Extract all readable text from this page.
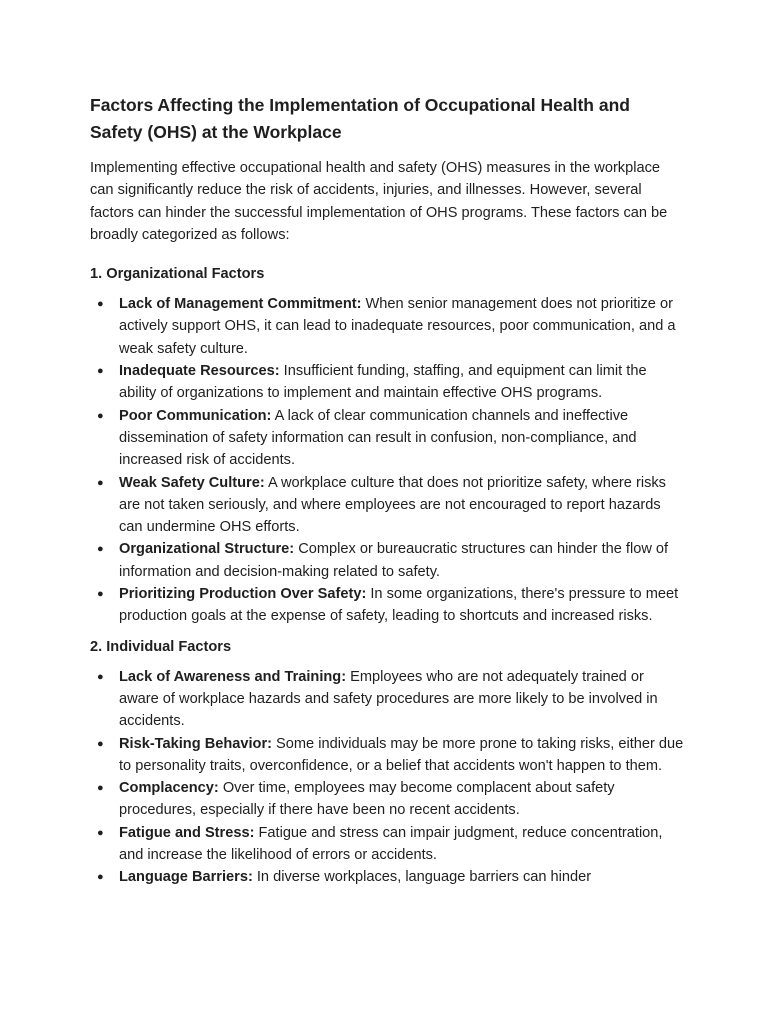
Factors Affecting the Implementation of Occupational Health and Safety (OHS) at the Workplace

Implementing effective occupational health and safety (OHS) measures in the workplace can significantly reduce the risk of accidents, injuries, and illnesses. However, several factors can hinder the successful implementation of OHS programs. These factors can be broadly categorized as follows:

1. Organizational Factors
● Lack of Management Commitment: When senior management does not prioritize or actively support OHS, it can lead to inadequate resources, poor communication, and a weak safety culture.
● Inadequate Resources: Insufficient funding, staffing, and equipment can limit the ability of organizations to implement and maintain effective OHS programs.
● Poor Communication: A lack of clear communication channels and ineffective dissemination of safety information can result in confusion, non-compliance, and increased risk of accidents.
● Weak Safety Culture: A workplace culture that does not prioritize safety, where risks are not taken seriously, and where employees are not encouraged to report hazards can undermine OHS efforts.
● Organizational Structure: Complex or bureaucratic structures can hinder the flow of information and decision-making related to safety.
● Prioritizing Production Over Safety: In some organizations, there's pressure to meet production goals at the expense of safety, leading to shortcuts and increased risks.
2. Individual Factors
● Lack of Awareness and Training: Employees who are not adequately trained or aware of workplace hazards and safety procedures are more likely to be involved in accidents.
● Risk-Taking Behavior: Some individuals may be more prone to taking risks, either due to personality traits, overconfidence, or a belief that accidents won't happen to them.
● Complacency: Over time, employees may become complacent about safety procedures, especially if there have been no recent accidents.
● Fatigue and Stress: Fatigue and stress can impair judgment, reduce concentration, and increase the likelihood of errors or accidents.
● Language Barriers: In diverse workplaces, language barriers can hinder
